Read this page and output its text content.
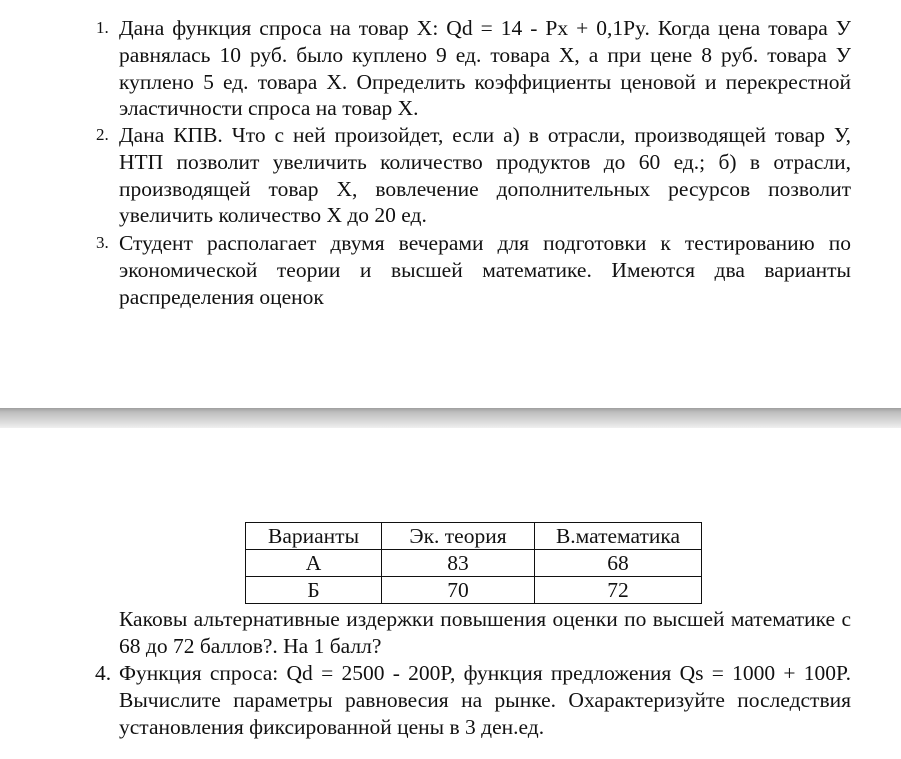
1. Дана функция спроса на товар X: Qd = 14 - Px + 0,1Py. Когда цена товара У равнялась 10 руб. было куплено 9 ед. товара X, а при цене 8 руб. товара У куплено 5 ед. товара X. Определить коэффициенты ценовой и перекрестной эластичности спроса на товар X.

2. Дана КПВ. Что с ней произойдет, если а) в отрасли, производящей товар У, НТП позволит увеличить количество продуктов до 60 ед.; б) в отрасли, производящей товар X, вовлечение дополнительных ресурсов позволит увеличить количество X до 20 ед.

3. Студент располагает двумя вечерами для подготовки к тестированию по экономической теории и высшей математике. Имеются два варианты распределения оценок

Варианты	Эк. теория	В.математика
А	83	68
Б	70	72

Каковы альтернативные издержки повышения оценки по высшей математике с 68 до 72 баллов?. На 1 балл?

4. Функция спроса: Qd = 2500 - 200P, функция предложения Qs = 1000 + 100P. Вычислите параметры равновесия на рынке. Охарактеризуйте последствия установления фиксированной цены в 3 ден.ед.
